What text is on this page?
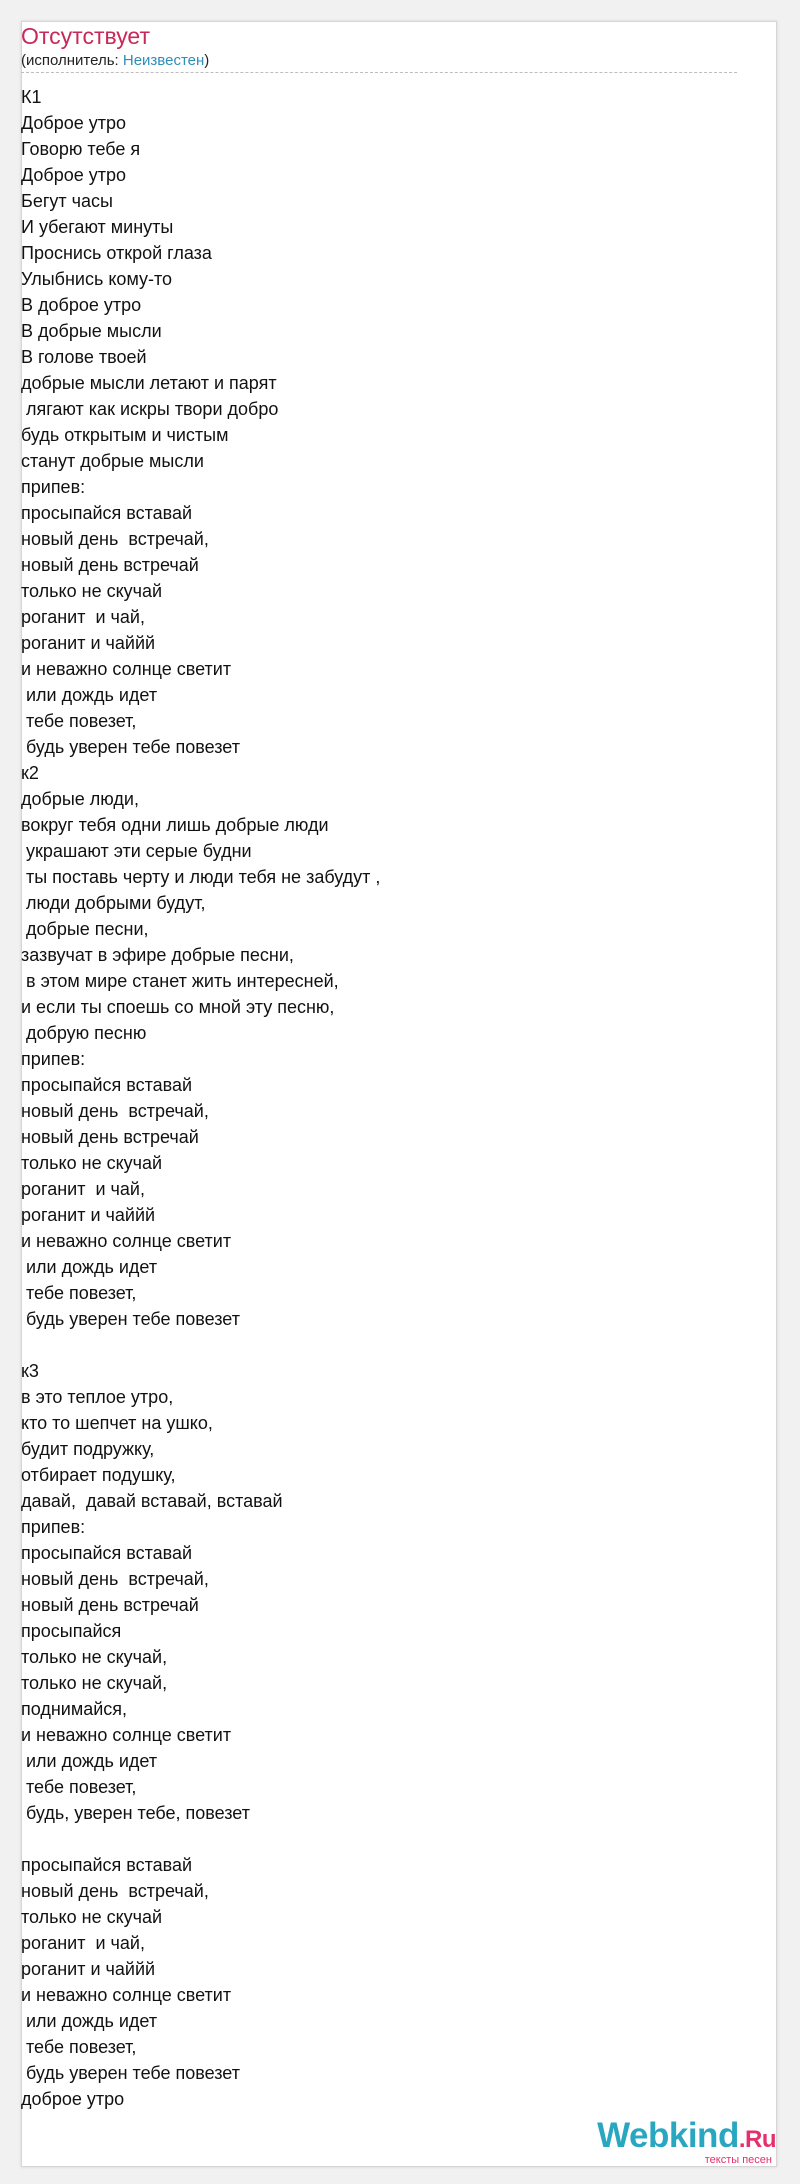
Отсутствует
(исполнитель: Неизвестен)
К1
Доброе утро
Говорю тебе я
Доброе утро
Бегут часы
И убегают минуты
Проснись открой глаза
Улыбнись кому-то
В доброе утро
В добрые мысли
В голове твоей
добрые мысли летают и парят
лягают как искры твори добро
будь открытым и чистым
станут добрые мысли
припев:
просыпайся вставай
новый день  встречай,
новый день встречай
только не скучай
роганит  и чай,
роганит и чаййй
и неважно солнце светит
или дождь идет
тебе повезет,
будь уверен тебе повезет
к2
добрые люди,
вокруг тебя одни лишь добрые люди
украшают эти серые будни
ты поставь черту и люди тебя не забудут ,
люди добрыми будут,
добрые песни,
зазвучат в эфире добрые песни,
в этом мире станет жить интересней,
и если ты споешь со мной эту песню,
добрую песню
припев:
просыпайся вставай
новый день  встречай,
новый день встречай
только не скучай
роганит  и чай,
роганит и чаййй
и неважно солнце светит
или дождь идет
тебе повезет,
будь уверен тебе повезет

к3
в это теплое утро,
кто то шепчет на ушко,
будит подружку,
отбирает подушку,
давай,  давай вставай, вставай
припев:
просыпайся вставай
новый день  встречай,
новый день встречай
просыпайся
только не скучай,
только не скучай,
поднимайся,
и неважно солнце светит
или дождь идет
тебе повезет,
будь, уверен тебе, повезет

просыпайся вставай
новый день  встречай,
только не скучай
роганит  и чай,
роганит и чаййй
и неважно солнце светит
или дождь идет
тебе повезет,
будь уверен тебе повезет
доброе утро
Webkind.Ru
тексты песен
